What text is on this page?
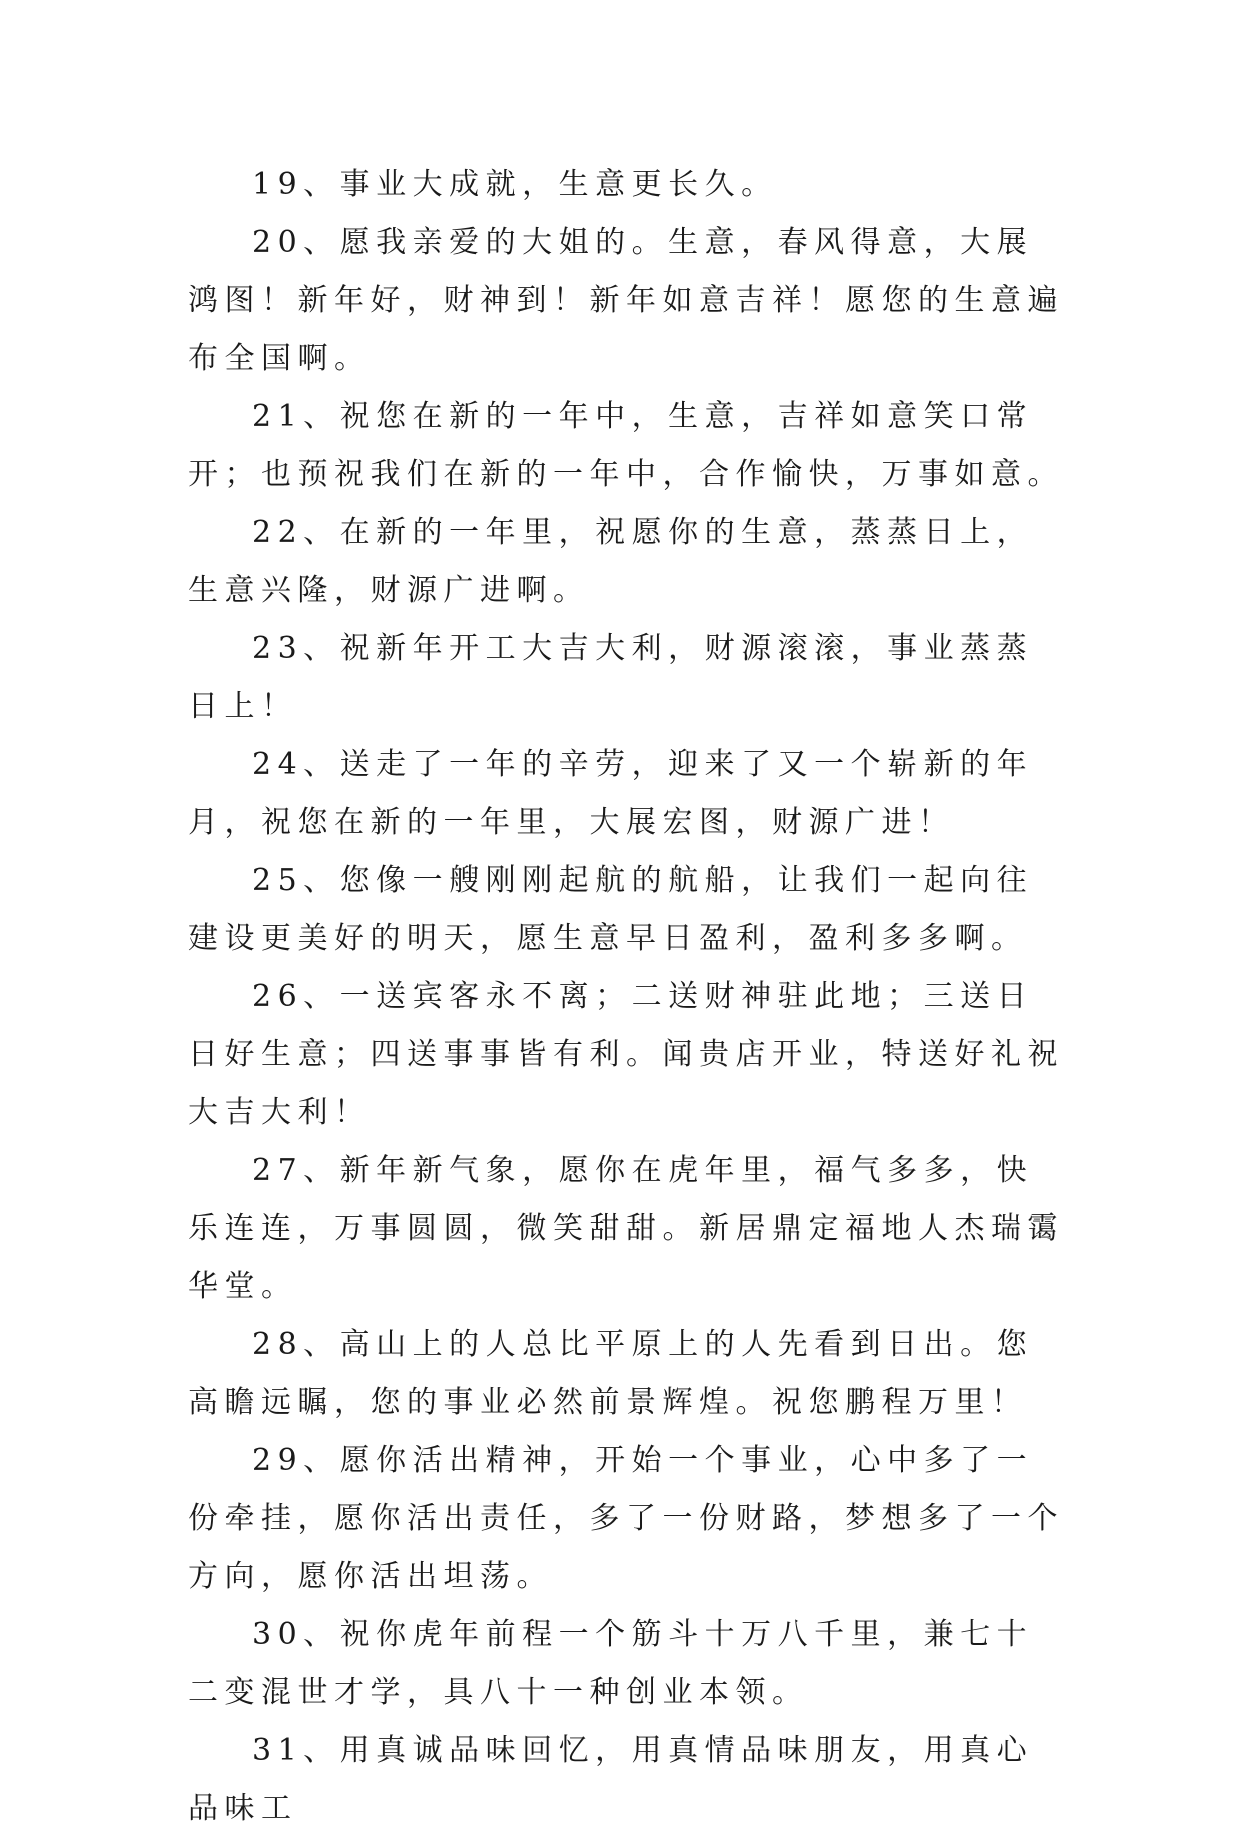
19、事业大成就，生意更长久。

20、愿我亲爱的大姐的。生意，春风得意，大展鸿图！新年好，财神到！新年如意吉祥！愿您的生意遍布全国啊。

21、祝您在新的一年中，生意，吉祥如意笑口常开；也预祝我们在新的一年中，合作愉快，万事如意。

22、在新的一年里，祝愿你的生意，蒸蒸日上，生意兴隆，财源广进啊。

23、祝新年开工大吉大利，财源滚滚，事业蒸蒸日上！

24、送走了一年的辛劳，迎来了又一个崭新的年月，祝您在新的一年里，大展宏图，财源广进！

25、您像一艘刚刚起航的航船，让我们一起向往建设更美好的明天，愿生意早日盈利，盈利多多啊。

26、一送宾客永不离；二送财神驻此地；三送日日好生意；四送事事皆有利。闻贵店开业，特送好礼祝大吉大利！

27、新年新气象，愿你在虎年里，福气多多，快乐连连，万事圆圆，微笑甜甜。新居鼎定福地人杰瑞霭华堂。

28、高山上的人总比平原上的人先看到日出。您高瞻远瞩，您的事业必然前景辉煌。祝您鹏程万里！

29、愿你活出精神，开始一个事业，心中多了一份牵挂，愿你活出责任，多了一份财路，梦想多了一个方向，愿你活出坦荡。

30、祝你虎年前程一个筋斗十万八千里，兼七十二变混世才学，具八十一种创业本领。

31、用真诚品味回忆，用真情品味朋友，用真心品味工
